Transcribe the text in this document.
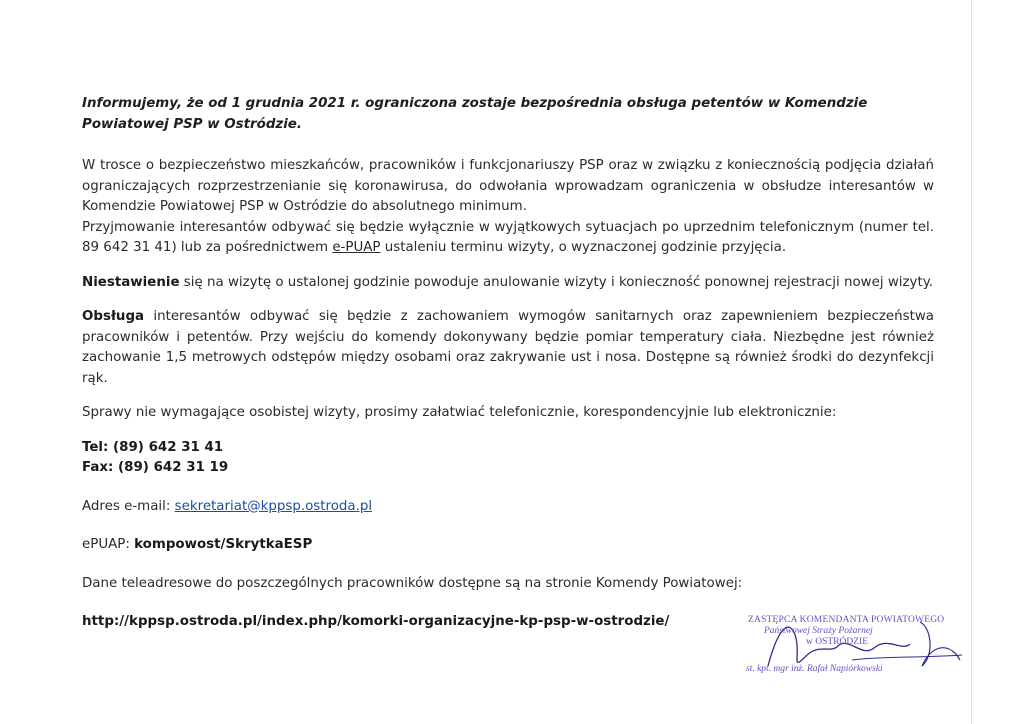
Informujemy, że od 1 grudnia 2021 r. ograniczona zostaje bezpośrednia obsługa petentów w Komendzie Powiatowej PSP w Ostródzie.

W trosce o bezpieczeństwo mieszkańców, pracowników i funkcjonariuszy PSP oraz w związku z koniecznością podjęcia działań ograniczających rozprzestrzenianie się koronawirusa, do odwołania wprowadzam ograniczenia w obsłudze interesantów w Komendzie Powiatowej PSP w Ostródzie do absolutnego minimum.

Przyjmowanie interesantów odbywać się będzie wyłącznie w wyjątkowych sytuacjach po uprzednim telefonicznym (numer tel. 89 642 31 41) lub za pośrednictwem e-PUAP ustaleniu terminu wizyty, o wyznaczonej godzinie przyjęcia.

Niestawienie się na wizytę o ustalonej godzinie powoduje anulowanie wizyty i konieczność ponownej rejestracji nowej wizyty.

Obsługa interesantów odbywać się będzie z zachowaniem wymogów sanitarnych oraz zapewnieniem bezpieczeństwa pracowników i petentów. Przy wejściu do komendy dokonywany będzie pomiar temperatury ciała. Niezbędne jest również zachowanie 1,5 metrowych odstępów między osobami oraz zakrywanie ust i nosa. Dostępne są również środki do dezynfekcji rąk.

Sprawy nie wymagające osobistej wizyty, prosimy załatwiać telefonicznie, korespondencyjnie lub elektronicznie:

Tel: (89) 642 31 41

Fax: (89) 642 31 19

Adres e-mail: sekretariat@kppsp.ostroda.pl

ePUAP: kompowost/SkrytkaESP

Dane teleadresowe do poszczególnych pracowników dostępne są na stronie Komendy Powiatowej:

http://kppsp.ostroda.pl/index.php/komorki-organizacyjne-kp-psp-w-ostrodzie/	ZASTĘPCA KOMENDANTA POWIATOWEGO
Państwowej Straży Pożarnej
w OSTRÓDZIE
st. kpt. mgr inż. Rafał Napiórkowski
